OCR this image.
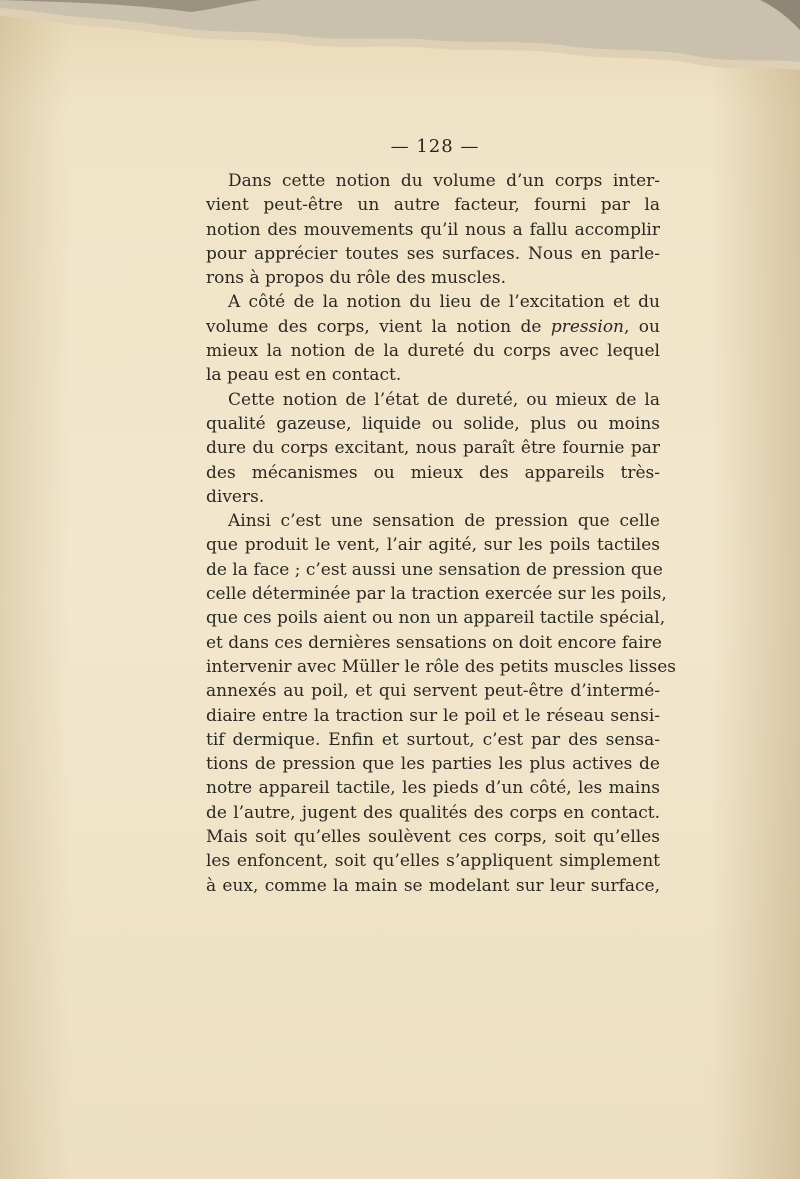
— 128 —
Dans cette notion du volume d’un corps inter-
vient peut-être un autre facteur, fourni par la
notion des mouvements qu’il nous a fallu accomplir
pour apprécier toutes ses surfaces. Nous en parle-
rons à propos du rôle des muscles.
A côté de la notion du lieu de l’excitation et du
volume des corps, vient la notion de pression, ou
mieux la notion de la dureté du corps avec lequel
la peau est en contact.
Cette notion de l’état de dureté, ou mieux de la
qualité gazeuse, liquide ou solide, plus ou moins
dure du corps excitant, nous paraît être fournie par
des mécanismes ou mieux des appareils très-
divers.
Ainsi c’est une sensation de pression que celle
que produit le vent, l’air agité, sur les poils tactiles
de la face ; c’est aussi une sensation de pression que
celle déterminée par la traction exercée sur les poils,
que ces poils aient ou non un appareil tactile spécial,
et dans ces dernières sensations on doit encore faire
intervenir avec Müller le rôle des petits muscles lisses
annexés au poil, et qui servent peut-être d’intermé-
diaire entre la traction sur le poil et le réseau sensi-
tif dermique. Enfin et surtout, c’est par des sensa-
tions de pression que les parties les plus actives de
notre appareil tactile, les pieds d’un côté, les mains
de l’autre, jugent des qualités des corps en contact.
Mais soit qu’elles soulèvent ces corps, soit qu’elles
les enfoncent, soit qu’elles s’appliquent simplement
à eux, comme la main se modelant sur leur surface,
